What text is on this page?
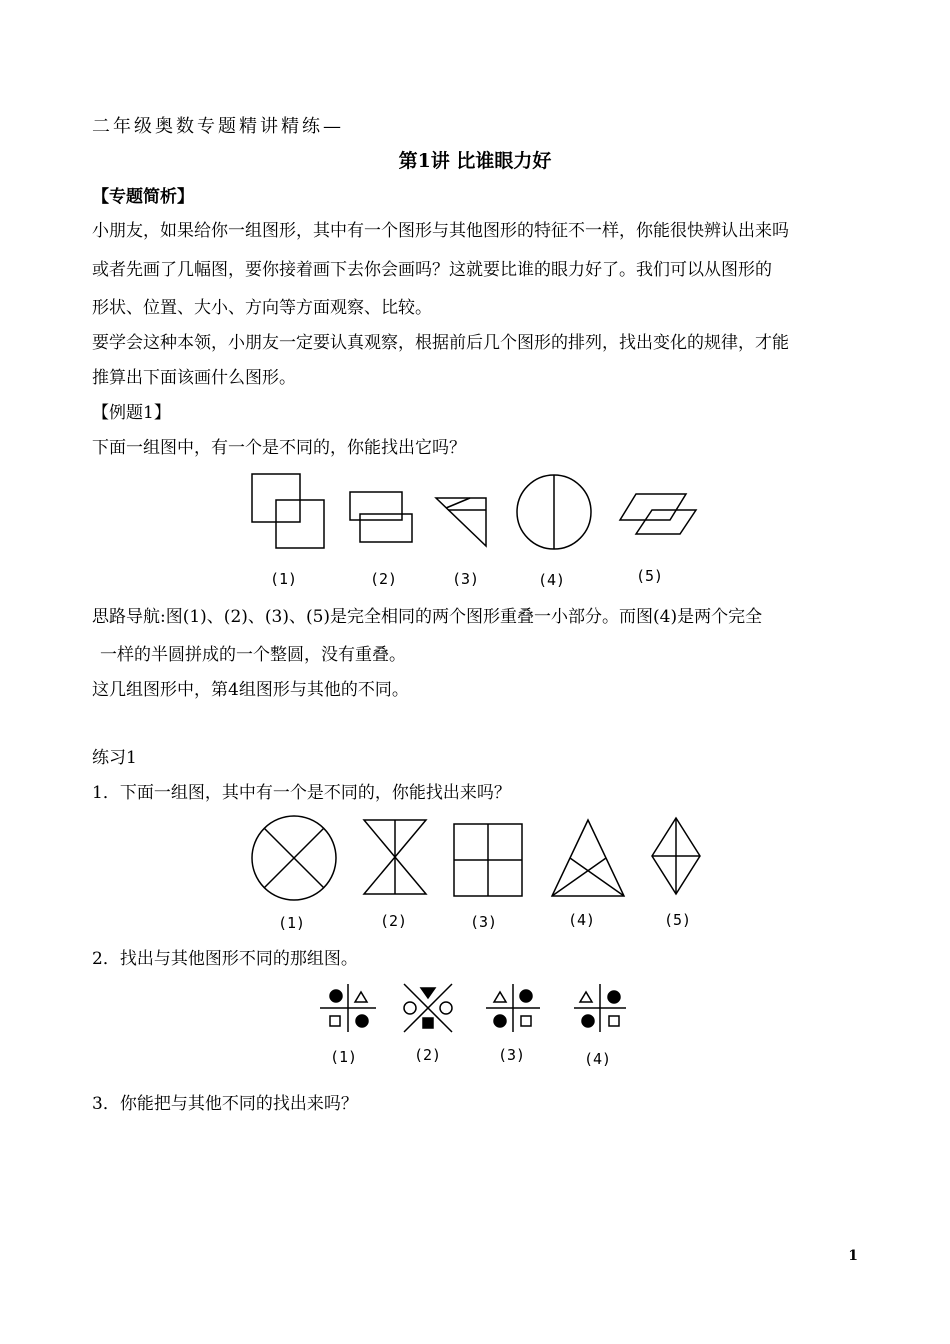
二年级奥数专题精讲精练—
第1讲 比谁眼力好
【专题简析】
小朋友，如果给你一组图形，其中有一个图形与其他图形的特征不一样，你能很快辨认出来吗
或者先画了几幅图，要你接着画下去你会画吗？这就要比谁的眼力好了。我们可以从图形的
形状、位置、大小、方向等方面观察、比较。
要学会这种本领，小朋友一定要认真观察，根据前后几个图形的排列，找出变化的规律，才能
推算出下面该画什么图形。
【例题1】
下面一组图中，有一个是不同的，你能找出它吗？
(1)	(2)	(3)	(4)	(5)
思路导航:图(1)、(2)、(3)、(5)是完全相同的两个图形重叠一小部分。而图(4)是两个完全
一样的半圆拼成的一个整圆，没有重叠。
这几组图形中，第4组图形与其他的不同。
练习1
1．下面一组图，其中有一个是不同的，你能找出来吗？
(1)	(2)	(3)	(4)	(5)
2．找出与其他图形不同的那组图。
(1)	(2)	(3)	(4)
3．你能把与其他不同的找出来吗？
1
